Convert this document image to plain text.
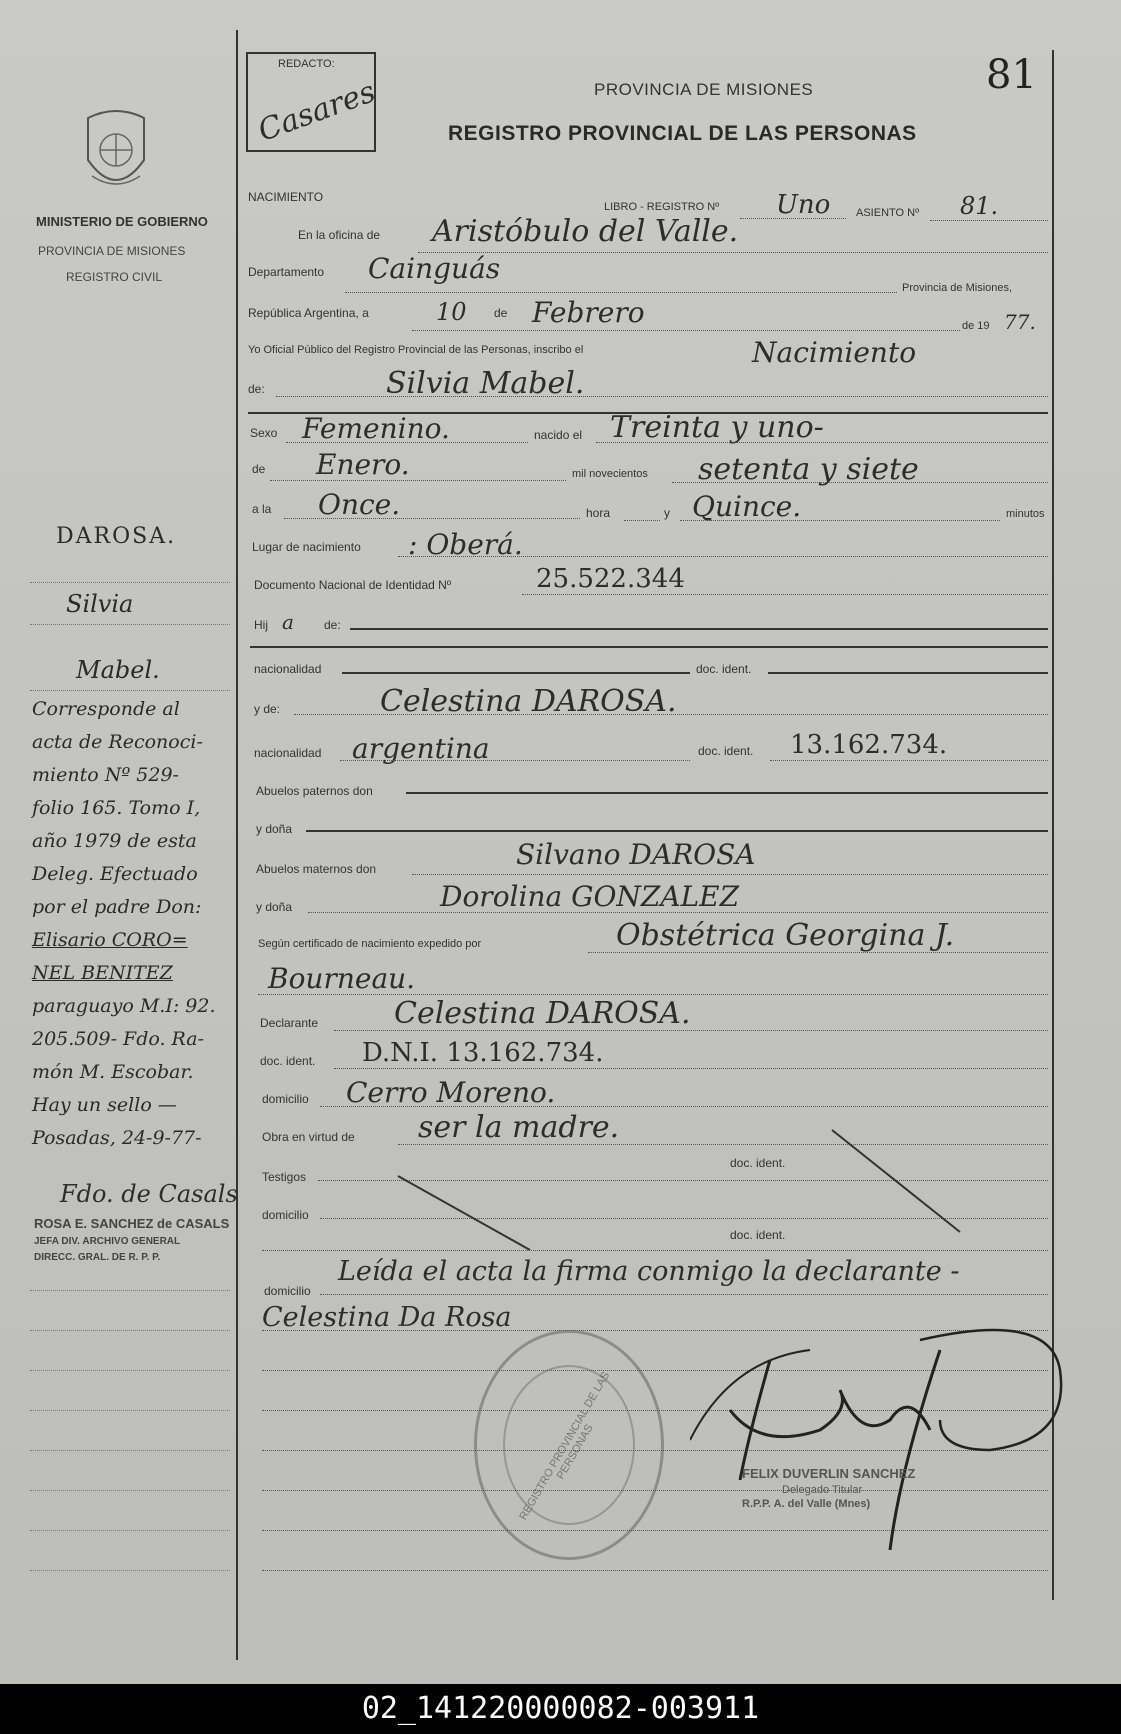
REDACTO:
Casares	PROVINCIA DE MISIONES
REGISTRO PROVINCIAL DE LAS PERSONAS
81
MINISTERIO DE GOBIERNO
PROVINCIA DE MISIONES
REGISTRO CIVIL
NACIMIENTO
LIBRO - REGISTRO Nº Uno ASIENTO Nº 81.
En la oficina de Aristóbulo del Valle.
Departamento Cainguás
Provincia de Misiones,
República Argentina, a	10 de Febrero	de 19 77.
Yo Oficial Público del Registro Provincial de las Personas, inscribo el	Nacimiento
de:	Silvia Mabel.
Sexo Femenino.	nacido el Treinta y uno-
de Enero.	mil novecientos setenta y siete
a la Once.	hora	y Quince.	minutos
Lugar de nacimiento : Oberá.
Documento Nacional de Identidad Nº	25.522.344
Hij a	de:
nacionalidad	doc. ident.
y de:	Celestina DAROSA.
nacionalidad argentina	doc. ident. 13.162.734.
Abuelos paternos don
y doña
Abuelos maternos don	Silvano DAROSA
y doña	Dorolina GONZALEZ
Según certificado de nacimiento expedido por	Obstétrica Georgina J.
Bourneau.
Declarante	Celestina DAROSA.
doc. ident. D.N.I. 13.162.734.
domicilio Cerro Moreno.
Obra en virtud de ser la madre.
Testigos
doc. ident.
domicilio
doc. ident.
domicilio
Leída el acta la firma conmigo la declarante -
Celestina Da Rosa
REGISTRO PROVINCIAL DE LAS PERSONAS	FELIX DUVERLIN SANCHEZ
Delegado Titular
R.P.P. A. del Valle (Mnes)
DAROSA.
Silvia
Mabel.
Corresponde al
acta de Reconoci-
miento Nº 529-
folio 165. Tomo I,
año 1979 de esta
Deleg. Efectuado
por el padre Don:
Elisario CORO=
NEL BENITEZ
paraguayo M.I: 92.
205.509- Fdo. Ra-
món M. Escobar.
Hay un sello —
Posadas, 24-9-77-
Fdo. de Casals
ROSA E. SANCHEZ de CASALS
JEFA DIV. ARCHIVO GENERAL
DIRECC. GRAL. DE R. P. P.
02_141220000082-003911
